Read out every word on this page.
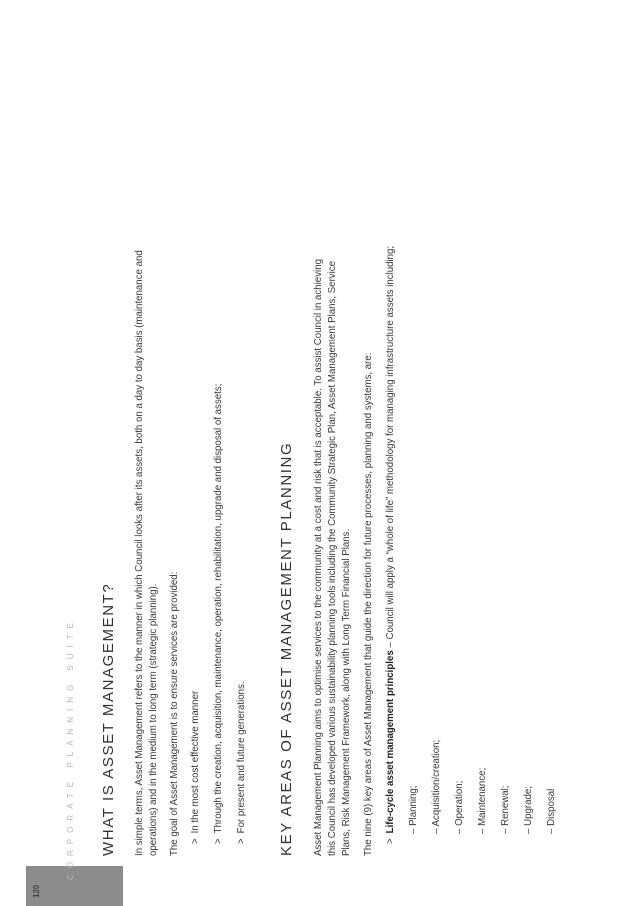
120
CORPORATE PLANNING SUITE WHAT IS ASSET MANAGEMENT? In simple terms, Asset Management refers to the manner in which Council looks after its assets, both on a day to day basis (maintenance and operations) and in the medium to long term (strategic planning). The goal of Asset Management is to ensure services are provided: >In the most cost effective manner

>Through the creation, acquisition, maintenance, operation, rehabilitation, upgrade and disposal of assets;

>For present and future generations. KEY AREAS OF ASSET MANAGEMENT PLANNING Asset Management Planning aims to optimise services to the community at a cost and risk that is acceptable. To assist Council in achieving this Council has developed various sustainability planning tools including the Community Strategic Plan, Asset Management Plans, Service Plans, Risk Management Framework, along with Long Term Financial Plans. The nine (9) key areas of Asset Management that guide the direction for future processes, planning and systems, are: >Life-cycle asset management principles – Council will apply a “whole of life” methodology for managing infrastructure assets including;

– Planning; – Acquisition/creation; – Operation; – Maintenance; – Renewal; – Upgrade; – Disposal
